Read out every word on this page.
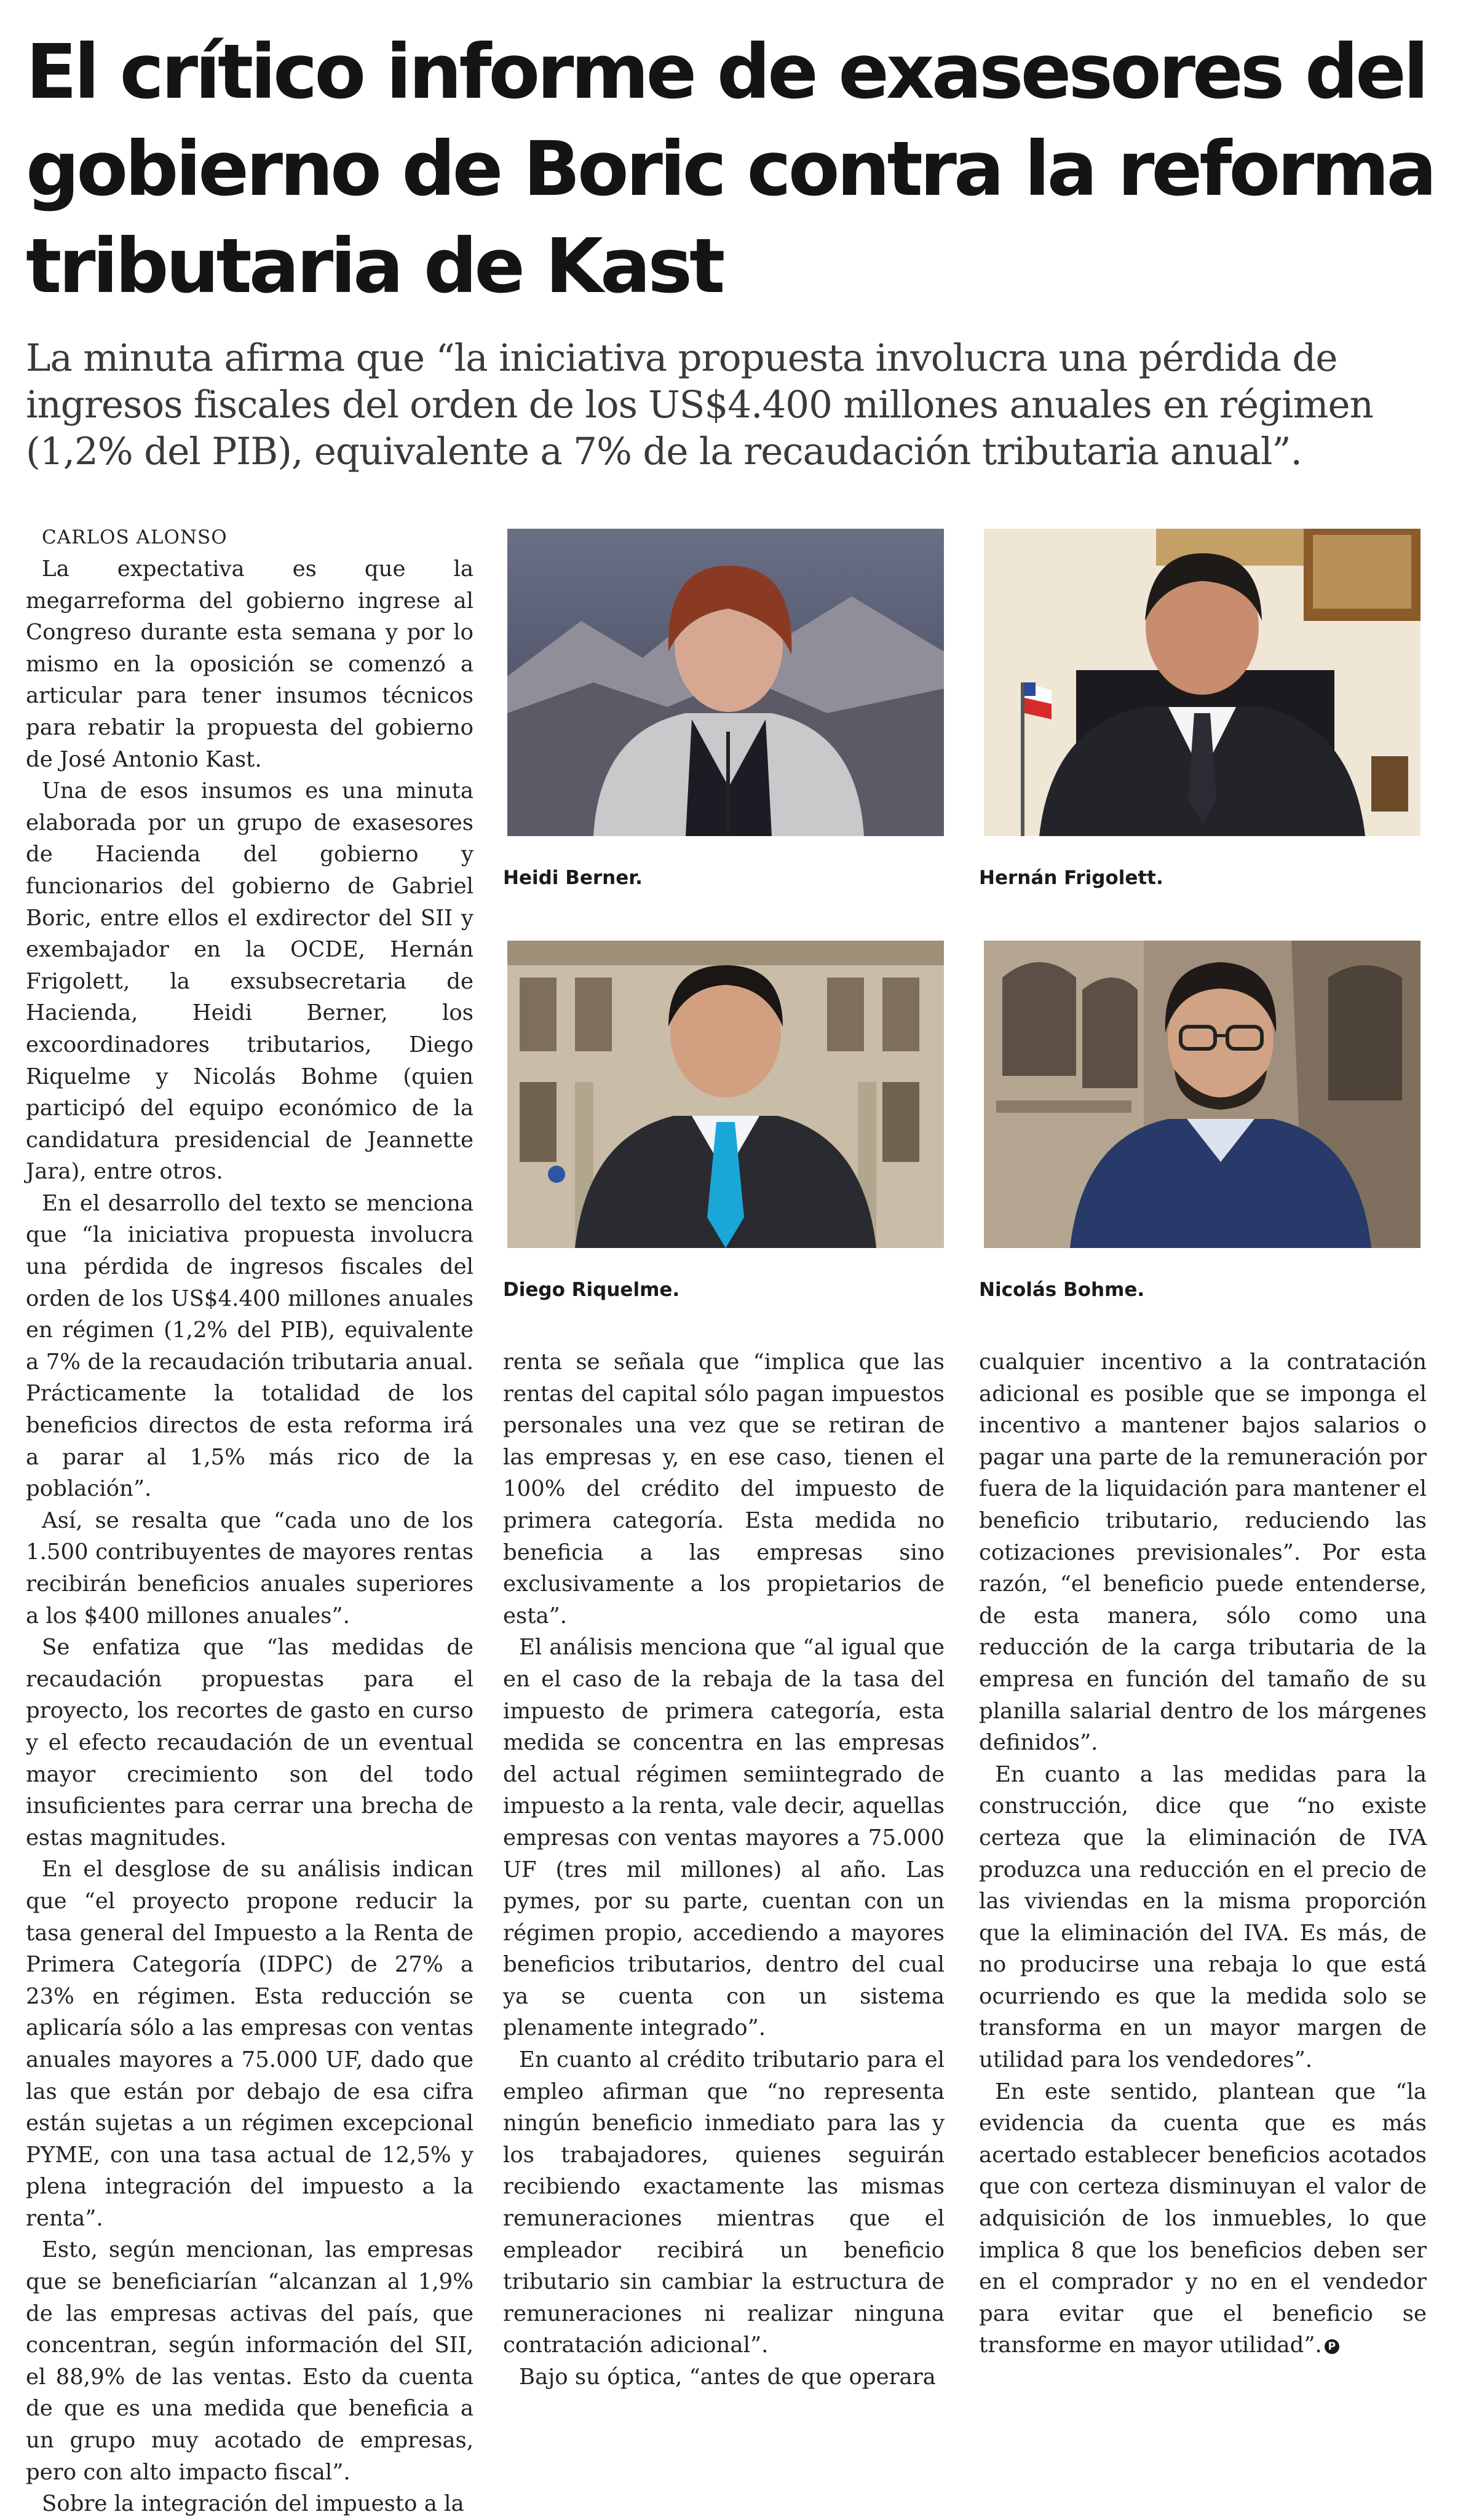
El crítico informe de exasesores del gobierno de Boric contra la reforma tributaria de Kast

La minuta afirma que “la iniciativa propuesta involucra una pérdida de ingresos fiscales del orden de los US$4.400 millones anuales en régimen (1,2% del PIB), equivalente a 7% de la recaudación tributaria anual”.

CARLOS ALONSO

La expectativa es que la megarreforma del gobierno ingrese al Congreso durante esta semana y por lo mismo en la oposición se comenzó a articular para tener insumos técnicos para rebatir la propuesta del gobierno de José Antonio Kast.

Una de esos insumos es una minuta elaborada por un grupo de exasesores de Hacienda del gobierno y funcionarios del gobierno de Gabriel Boric, entre ellos el exdirector del SII y exembajador en la OCDE, Hernán Frigolett, la exsubsecretaria de Hacienda, Heidi Berner, los excoordinadores tributarios, Diego Riquelme y Nicolás Bohme (quien participó del equipo económico de la candidatura presidencial de Jeannette Jara), entre otros.

En el desarrollo del texto se menciona que “la iniciativa propuesta involucra una pérdida de ingresos fiscales del orden de los US$4.400 millones anuales en régimen (1,2% del PIB), equivalente a 7% de la recaudación tributaria anual. Prácticamente la totalidad de los beneficios directos de esta reforma irá a parar al 1,5% más rico de la población”.

Así, se resalta que “cada uno de los 1.500 contribuyentes de mayores rentas recibirán beneficios anuales superiores a los $400 millones anuales”.

Se enfatiza que “las medidas de recaudación propuestas para el proyecto, los recortes de gasto en curso y el efecto recaudación de un eventual mayor crecimiento son del todo insuficientes para cerrar una brecha de estas magnitudes.

En el desglose de su análisis indican que “el proyecto propone reducir la tasa general del Impuesto a la Renta de Primera Categoría (IDPC) de 27% a 23% en régimen. Esta reducción se aplicaría sólo a las empresas con ventas anuales mayores a 75.000 UF, dado que las que están por debajo de esa cifra están sujetas a un régimen excepcional PYME, con una tasa actual de 12,5% y plena integración del impuesto a la renta”.

Esto, según mencionan, las empresas que se beneficiarían “alcanzan al 1,9% de las empresas activas del país, que concentran, según información del SII, el 88,9% de las ventas. Esto da cuenta de que es una medida que beneficia a un grupo muy acotado de empresas, pero con alto impacto fiscal”.

Sobre la integración del impuesto a la

Heidi Berner.	Hernán Frigolett.

Diego Riquelme.	Nicolás Bohme.

renta se señala que “implica que las rentas del capital sólo pagan impuestos personales una vez que se retiran de las empresas y, en ese caso, tienen el 100% del crédito del impuesto de primera categoría. Esta medida no beneficia a las empresas sino exclusivamente a los propietarios de esta”.

El análisis menciona que “al igual que en el caso de la rebaja de la tasa del impuesto de primera categoría, esta medida se concentra en las empresas del actual régimen semiintegrado de impuesto a la renta, vale decir, aquellas empresas con ventas mayores a 75.000 UF (tres mil millones) al año. Las pymes, por su parte, cuentan con un régimen propio, accediendo a mayores beneficios tributarios, dentro del cual ya se cuenta con un sistema plenamente integrado”.

En cuanto al crédito tributario para el empleo afirman que “no representa ningún beneficio inmediato para las y los trabajadores, quienes seguirán recibiendo exactamente las mismas remuneraciones mientras que el empleador recibirá un beneficio tributario sin cambiar la estructura de remuneraciones ni realizar ninguna contratación adicional”.

Bajo su óptica, “antes de que operara

cualquier incentivo a la contratación adicional es posible que se imponga el incentivo a mantener bajos salarios o pagar una parte de la remuneración por fuera de la liquidación para mantener el beneficio tributario, reduciendo las cotizaciones previsionales”. Por esta razón, “el beneficio puede entenderse, de esta manera, sólo como una reducción de la carga tributaria de la empresa en función del tamaño de su planilla salarial dentro de los márgenes definidos”.

En cuanto a las medidas para la construcción, dice que “no existe certeza que la eliminación de IVA produzca una reducción en el precio de las viviendas en la misma proporción que la eliminación del IVA. Es más, de no producirse una rebaja lo que está ocurriendo es que la medida solo se transforma en un mayor margen de utilidad para los vendedores”.

En este sentido, plantean que “la evidencia da cuenta que es más acertado establecer beneficios acotados que con certeza disminuyan el valor de adquisición de los inmuebles, lo que implica 8 que los beneficios deben ser en el comprador y no en el vendedor para evitar que el beneficio se transforme en mayor utilidad”. P
